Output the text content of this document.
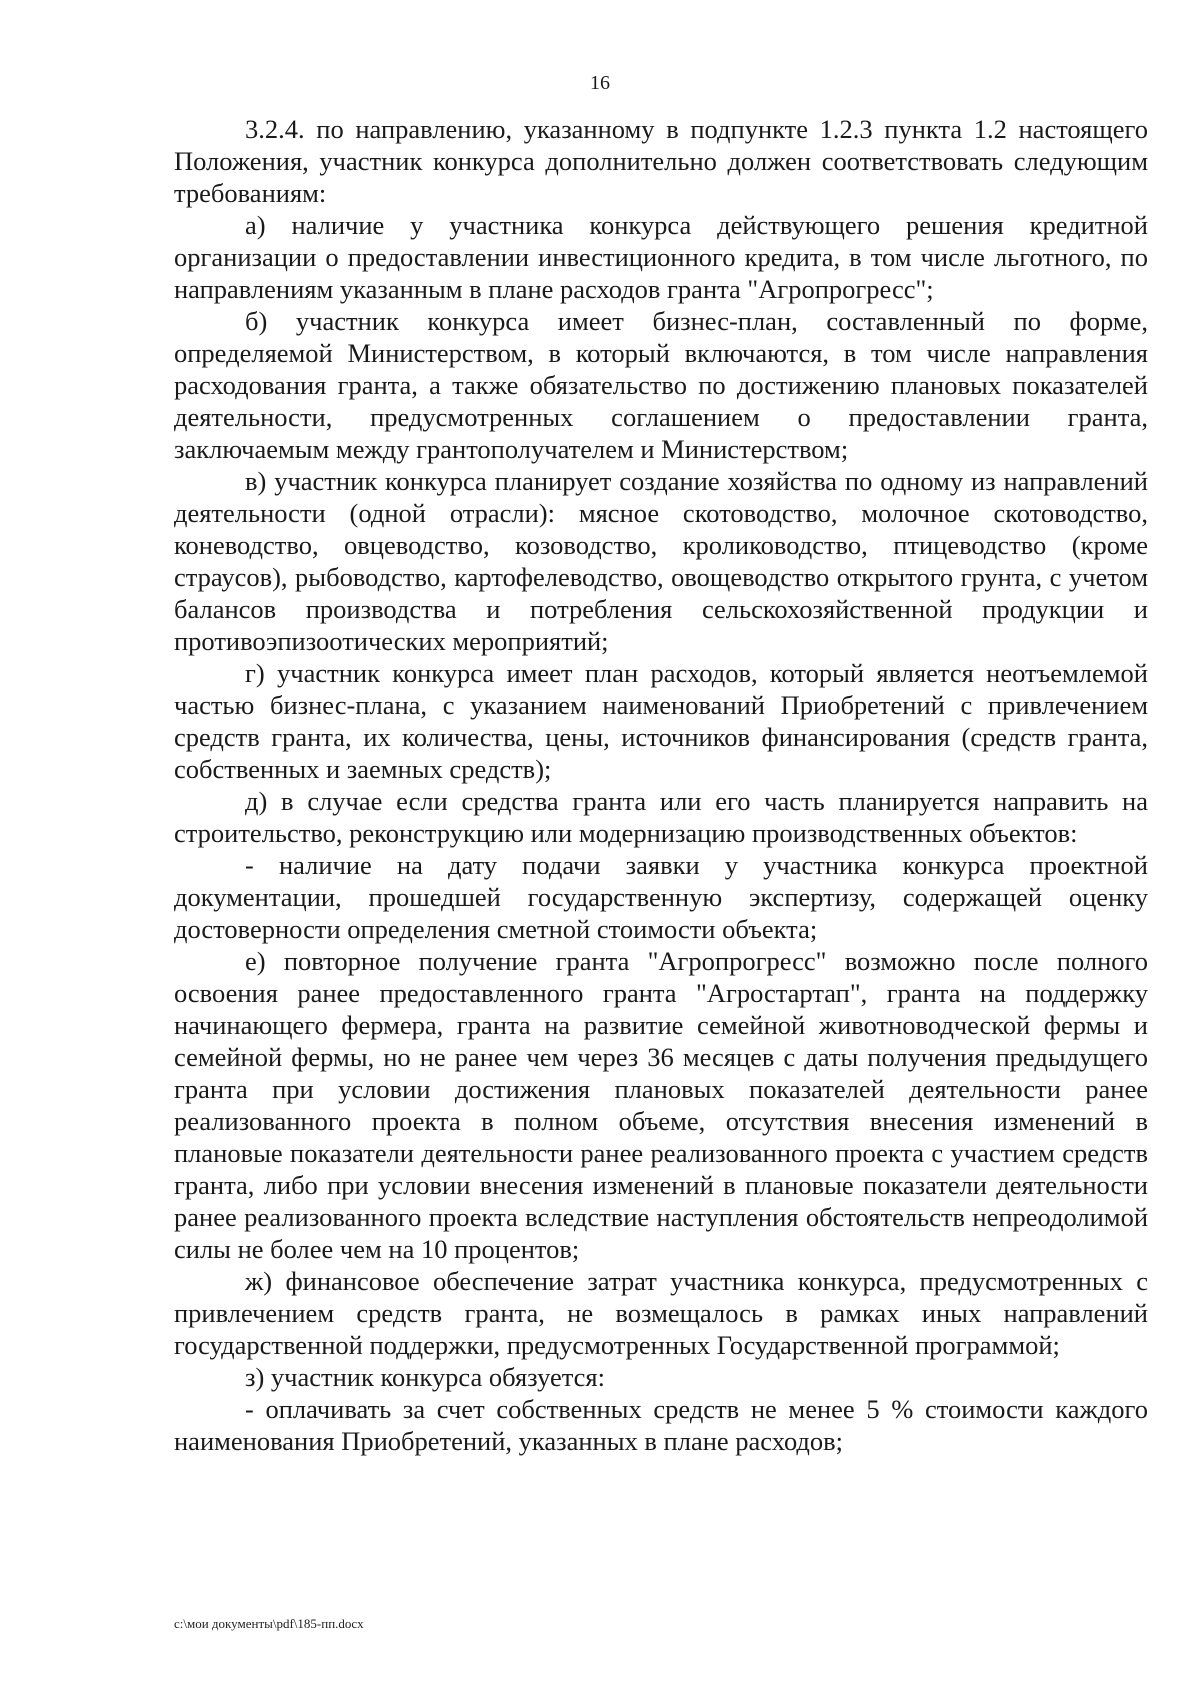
16

3.2.4. по направлению, указанному в подпункте 1.2.3 пункта 1.2 настоящего Положения, участник конкурса дополнительно должен соответствовать следующим требованиям:

а) наличие у участника конкурса действующего решения кредитной организации о предоставлении инвестиционного кредита, в том числе льготного, по направлениям указанным в плане расходов гранта "Агропрогресс";

б) участник конкурса имеет бизнес-план, составленный по форме, определяемой Министерством, в который включаются, в том числе направления расходования гранта, а также обязательство по достижению плановых показателей деятельности, предусмотренных соглашением о предоставлении гранта, заключаемым между грантополучателем и Министерством;

в) участник конкурса планирует создание хозяйства по одному из направлений деятельности (одной отрасли): мясное скотоводство, молочное скотоводство, коневодство, овцеводство, козоводство, кролиководство, птицеводство (кроме страусов), рыбоводство, картофелеводство, овощеводство открытого грунта, с учетом балансов производства и потребления сельскохозяйственной продукции и противоэпизоотических мероприятий;

г) участник конкурса имеет план расходов, который является неотъемлемой частью бизнес-плана, с указанием наименований Приобретений с привлечением средств гранта, их количества, цены, источников финансирования (средств гранта, собственных и заемных средств);

д) в случае если средства гранта или его часть планируется направить на строительство, реконструкцию или модернизацию производственных объектов:

- наличие на дату подачи заявки у участника конкурса проектной документации, прошедшей государственную экспертизу, содержащей оценку достоверности определения сметной стоимости объекта;

е) повторное получение гранта "Агропрогресс" возможно после полного освоения ранее предоставленного гранта "Агростартап", гранта на поддержку начинающего фермера, гранта на развитие семейной животноводческой фермы и семейной фермы, но не ранее чем через 36 месяцев с даты получения предыдущего гранта при условии достижения плановых показателей деятельности ранее реализованного проекта в полном объеме, отсутствия внесения изменений в плановые показатели деятельности ранее реализованного проекта с участием средств гранта, либо при условии внесения изменений в плановые показатели деятельности ранее реализованного проекта вследствие наступления обстоятельств непреодолимой силы не более чем на 10 процентов;

ж) финансовое обеспечение затрат участника конкурса, предусмотренных с привлечением средств гранта, не возмещалось в рамках иных направлений государственной поддержки, предусмотренных Государственной программой;

з) участник конкурса обязуется:

- оплачивать за счет собственных средств не менее 5 % стоимости каждого наименования Приобретений, указанных в плане расходов;

c:\мои документы\pdf\185-пп.docx
